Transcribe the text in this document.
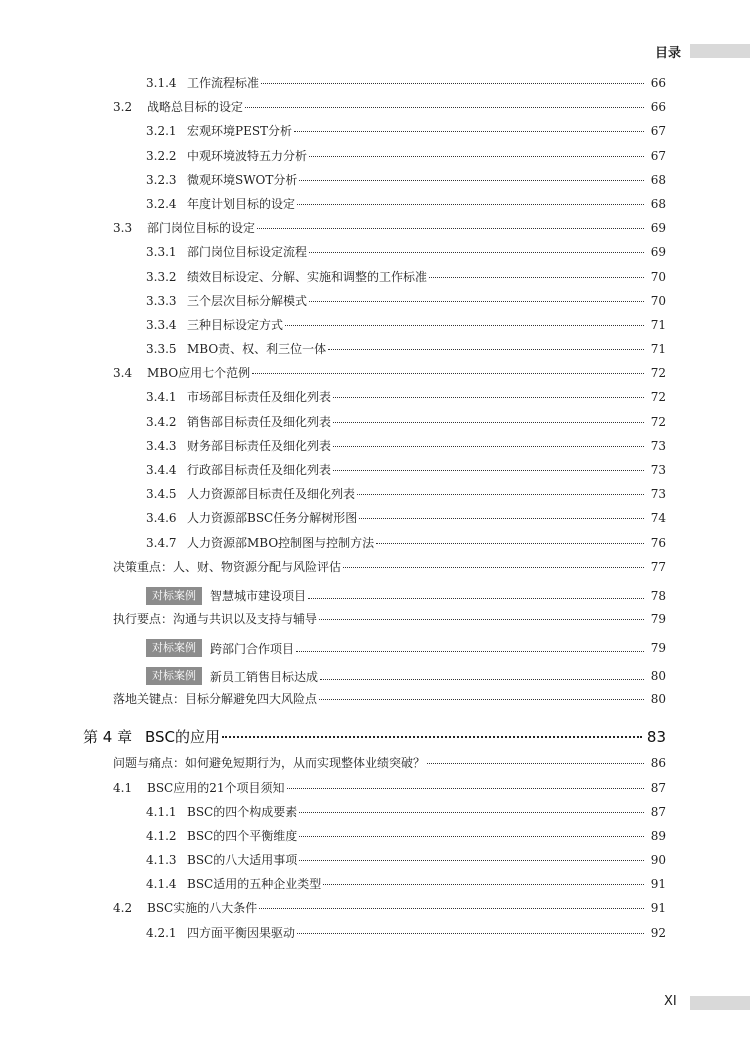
目录
3.1.4 工作流程标准	66
3.2	战略总目标的设定	66
3.2.1 宏观环境PEST分析	67
3.2.2 中观环境波特五力分析	67
3.2.3 微观环境SWOT分析	68
3.2.4 年度计划目标的设定	68
3.3	部门岗位目标的设定	69
3.3.1 部门岗位目标设定流程	69
3.3.2 绩效目标设定、分解、实施和调整的工作标准	70
3.3.3 三个层次目标分解模式	70
3.3.4 三种目标设定方式	71
3.3.5 MBO责、权、利三位一体	71
3.4	MBO应用七个范例	72
3.4.1 市场部目标责任及细化列表	72
3.4.2 销售部目标责任及细化列表	72
3.4.3 财务部目标责任及细化列表	73
3.4.4 行政部目标责任及细化列表	73
3.4.5 人力资源部目标责任及细化列表	73
3.4.6 人力资源部BSC任务分解树形图	74
3.4.7 人力资源部MBO控制图与控制方法	76
决策重点：人、财、物资源分配与风险评估	77
对标案例	智慧城市建设项目	78
执行要点：沟通与共识以及支持与辅导	79
对标案例	跨部门合作项目	79
对标案例	新员工销售目标达成	80
落地关键点：目标分解避免四大风险点	80
第 4 章 BSC的应用	83
问题与痛点：如何避免短期行为，从而实现整体业绩突破？	86
4.1	BSC应用的21个项目须知	87
4.1.1 BSC的四个构成要素	87
4.1.2 BSC的四个平衡维度	89
4.1.3 BSC的八大适用事项	90
4.1.4 BSC适用的五种企业类型	91
4.2	BSC实施的八大条件	91
4.2.1 四方面平衡因果驱动	92
XI
